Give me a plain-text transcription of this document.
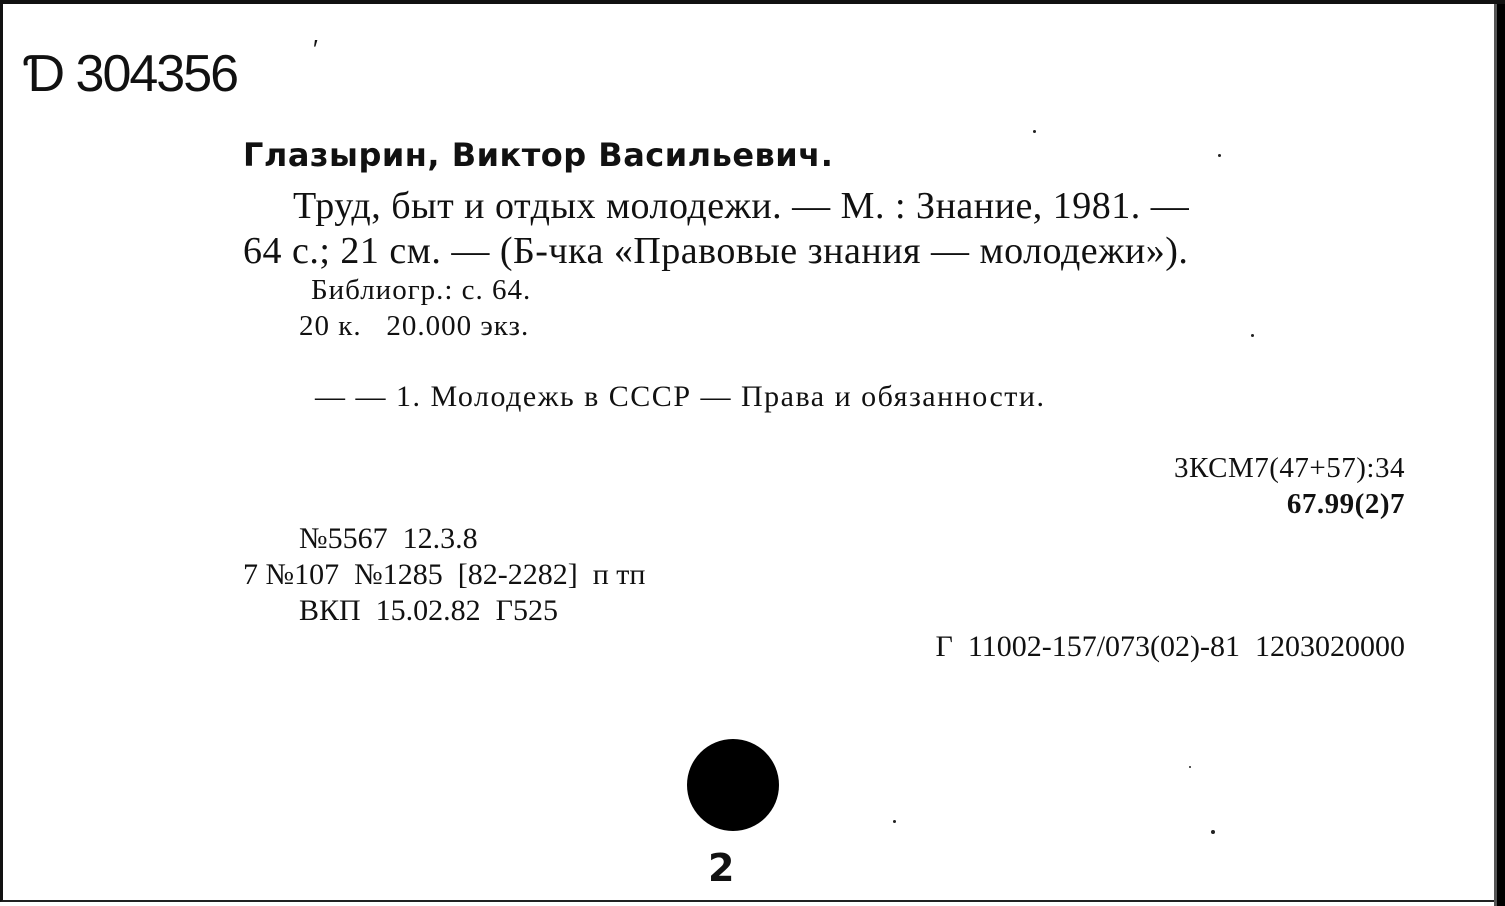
Ɗ 304356	′
Глазырин, Виктор Васильевич.
Труд, быт и отдых молодежи. — М. : Знание, 1981. —
64 с.; 21 см. — (Б-чка «Правовые знания — молодежи»).
Библиогр.: с. 64.
20 к.   20.000 экз.
— — 1. Молодежь в СССР — Права и обязанности.
3КСМ7(47+57):34
67.99(2)7
№5567  12.3.8
7 №107  №1285  [82-2282]  п тп
ВКП  15.02.82  Г525
Г  11002-157/073(02)-81  1203020000
2
